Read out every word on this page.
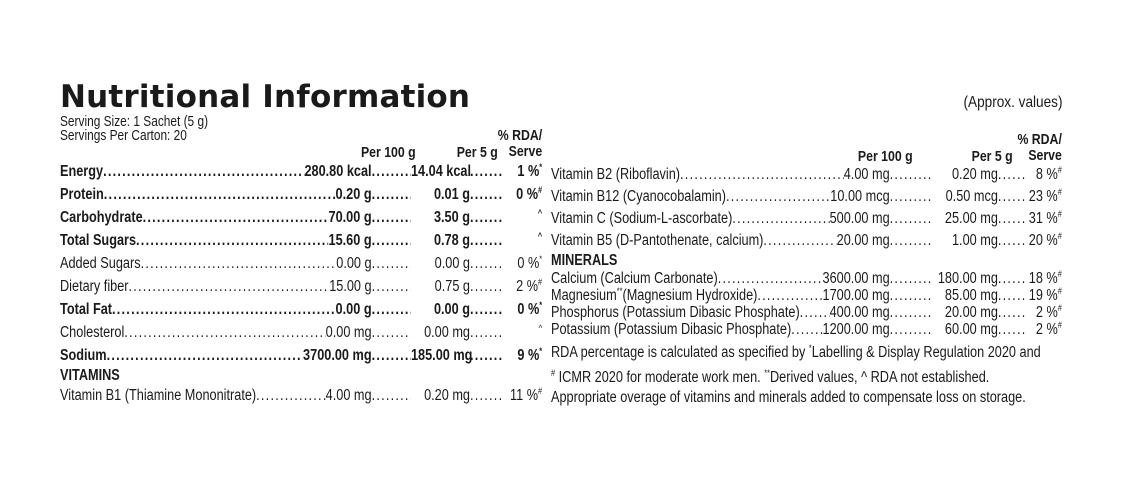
Nutritional Information	(Approx. values)
Serving Size: 1 Sachet (5 g)
Servings Per Carton: 20
Per 100 g	Per 5 g
% RDA/
Serve
Energy .....	280.80 kcal .....	14.04 kcal .....	1 %*
Protein .....	0.20 g .....	0.01 g .....	0 %#
Carbohydrate .....	70.00 g .....	3.50 g .....	^
Total Sugars .....	15.60 g .....	0.78 g .....	^
Added Sugars .....	0.00 g .....	0.00 g .....	0 %*
Dietary fiber .....	15.00 g .....	0.75 g .....	2 %#
Total Fat .....	0.00 g .....	0.00 g .....	0 %*
Cholesterol .....	0.00 mg .....	0.00 mg .....	^
Sodium .....	3700.00 mg .....	185.00 mg .....	9 %*
VITAMINS
Vitamin B1 (Thiamine Mononitrate) .....	4.00 mg .....	0.20 mg .....	11 %#
Per 100 g	Per 5 g
% RDA/
Serve
Vitamin B2 (Riboflavin) .....	4.00 mg .....	0.20 mg .....	8 %#
Vitamin B12 (Cyanocobalamin) .....	10.00 mcg .....	0.50 mcg ..... 23 %#
Vitamin C (Sodium-L-ascorbate) .....	500.00 mg .....	25.00 mg ..... 31 %#
Vitamin B5 (D-Pantothenate, calcium) .....	20.00 mg .....	1.00 mg ..... 20 %#
MINERALS
Calcium (Calcium Carbonate) .....	3600.00 mg .....	180.00 mg ..... 18 %#
Magnesium**(Magnesium Hydroxide) .....	1700.00 mg .....	85.00 mg ..... 19 %#
Phosphorus (Potassium Dibasic Phosphate) ..... 400.00 mg .....	20.00 mg .....	2 %#
Potassium (Potassium Dibasic Phosphate) ..... 1200.00 mg .....	60.00 mg .....	2 %#
RDA percentage is calculated as specified by *Labelling & Display Regulation 2020 and
# ICMR 2020 for moderate work men. **Derived values, ^ RDA not established.
Appropriate overage of vitamins and minerals added to compensate loss on storage.
